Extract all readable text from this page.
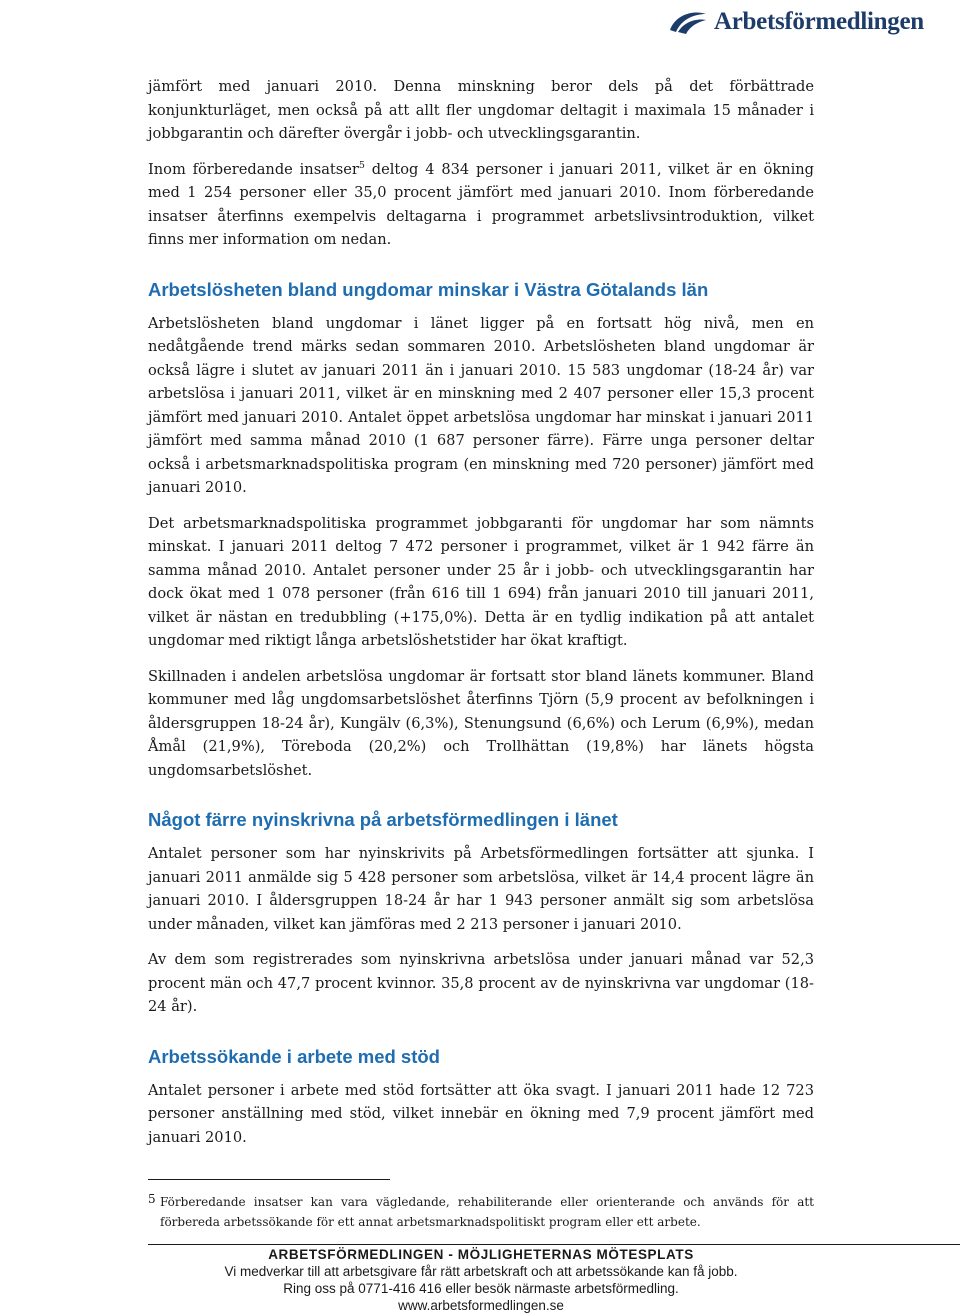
Arbetsförmedlingen

jämfört med januari 2010. Denna minskning beror dels på det förbättrade konjunkturläget, men också på att allt fler ungdomar deltagit i maximala 15 månader i jobbgarantin och därefter övergår i jobb- och utvecklingsgarantin.

Inom förberedande insatser$^5$ deltog 4 834 personer i januari 2011, vilket är en ökning med 1 254 personer eller 35,0 procent jämfört med januari 2010. Inom förberedande insatser återfinns exempelvis deltagarna i programmet arbetslivsintroduktion, vilket finns mer information om nedan.

Arbetslösheten bland ungdomar minskar i Västra Götalands län

Arbetslösheten bland ungdomar i länet ligger på en fortsatt hög nivå, men en nedåtgående trend märks sedan sommaren 2010. Arbetslösheten bland ungdomar är också lägre i slutet av januari 2011 än i januari 2010. 15 583 ungdomar (18-24 år) var arbetslösa i januari 2011, vilket är en minskning med 2 407 personer eller 15,3 procent jämfört med januari 2010. Antalet öppet arbetslösa ungdomar har minskat i januari 2011 jämfört med samma månad 2010 (1 687 personer färre). Färre unga personer deltar också i arbetsmarknadspolitiska program (en minskning med 720 personer) jämfört med januari 2010.

Det arbetsmarknadspolitiska programmet jobbgaranti för ungdomar har som nämnts minskat. I januari 2011 deltog 7 472 personer i programmet, vilket är 1 942 färre än samma månad 2010. Antalet personer under 25 år i jobb- och utvecklingsgarantin har dock ökat med 1 078 personer (från 616 till 1 694) från januari 2010 till januari 2011, vilket är nästan en tredubbling (+175,0%). Detta är en tydlig indikation på att antalet ungdomar med riktigt långa arbetslöshetstider har ökat kraftigt.

Skillnaden i andelen arbetslösa ungdomar är fortsatt stor bland länets kommuner. Bland kommuner med låg ungdomsarbetslöshet återfinns Tjörn (5,9 procent av befolkningen i åldersgruppen 18-24 år), Kungälv (6,3%), Stenungsund (6,6%) och Lerum (6,9%), medan Åmål (21,9%), Töreboda (20,2%) och Trollhättan (19,8%) har länets högsta ungdomsarbetslöshet.

Något färre nyinskrivna på arbetsförmedlingen i länet

Antalet personer som har nyinskrivits på Arbetsförmedlingen fortsätter att sjunka. I januari 2011 anmälde sig 5 428 personer som arbetslösa, vilket är 14,4 procent lägre än januari 2010. I åldersgruppen 18-24 år har 1 943 personer anmält sig som arbetslösa under månaden, vilket kan jämföras med 2 213 personer i januari 2010.

Av dem som registrerades som nyinskrivna arbetslösa under januari månad var 52,3 procent män och 47,7 procent kvinnor. 35,8 procent av de nyinskrivna var ungdomar (18-24 år).

Arbetssökande i arbete med stöd

Antalet personer i arbete med stöd fortsätter att öka svagt. I januari 2011 hade 12 723 personer anställning med stöd, vilket innebär en ökning med 7,9 procent jämfört med januari 2010.

5 Förberedande insatser kan vara vägledande, rehabiliterande eller orienterande och används för att förbereda arbetssökande för ett annat arbetsmarknadspolitiskt program eller ett arbete.
ARBETSFÖRMEDLINGEN - MÖJLIGHETERNAS MÖTESPLATS
Vi medverkar till att arbetsgivare får rätt arbetskraft och att arbetssökande kan få jobb.
Ring oss på 0771-416 416 eller besök närmaste arbetsförmedling.
www.arbetsformedlingen.se
